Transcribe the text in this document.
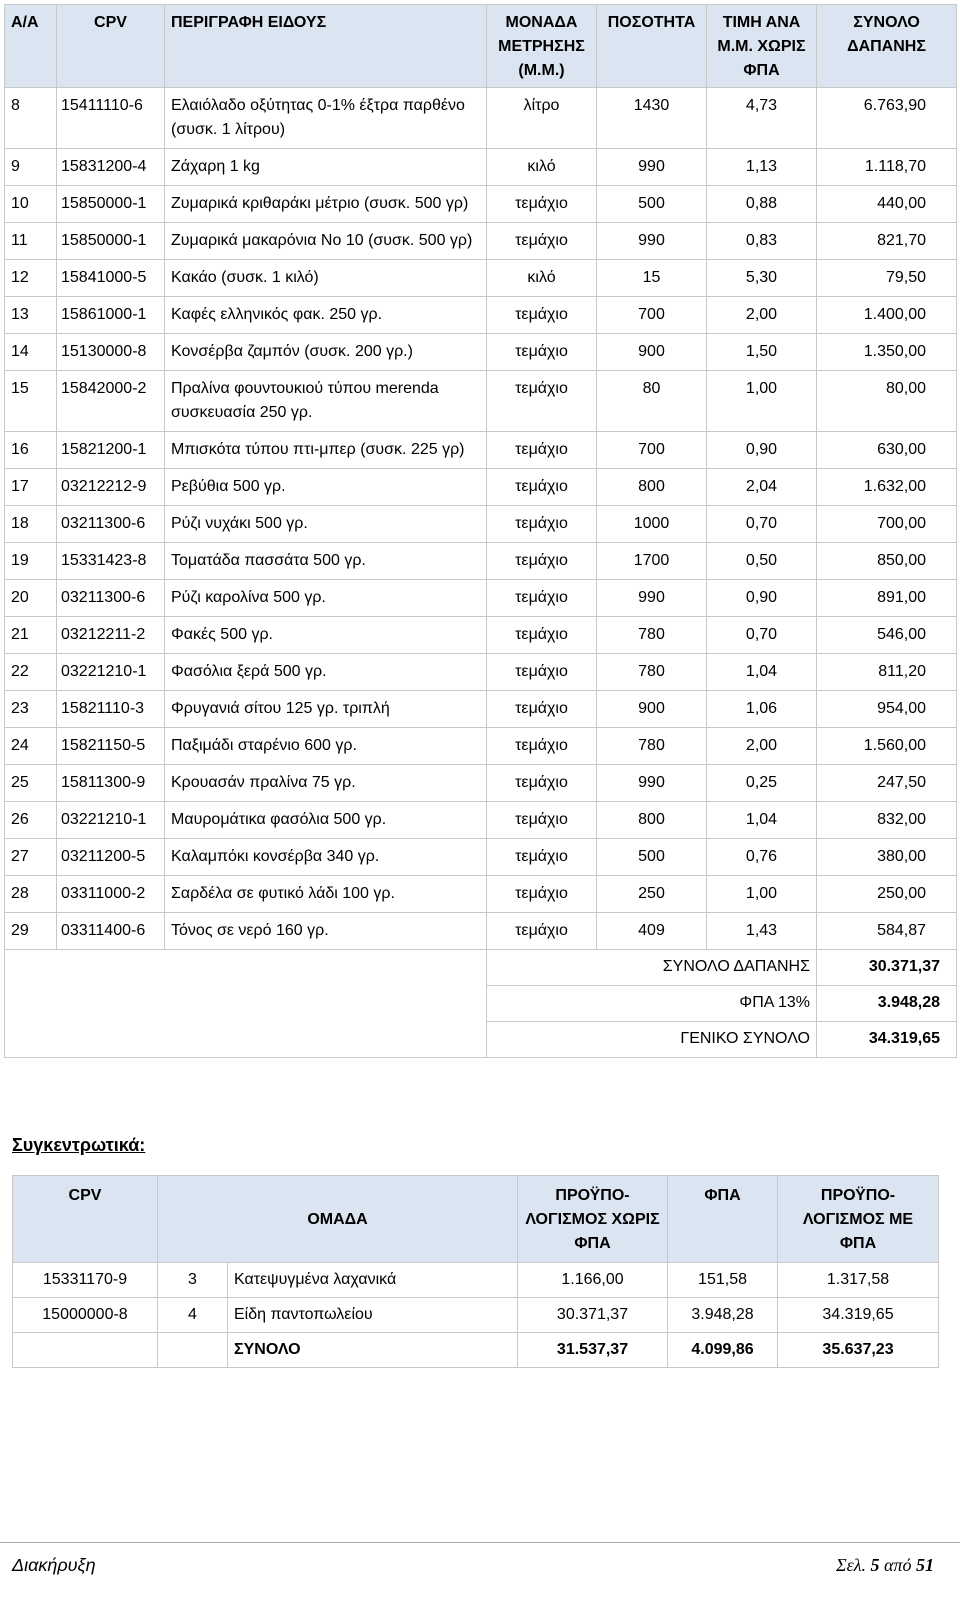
Α/Α	CPV	ΠΕΡΙΓΡΑΦΗ ΕΙΔΟΥΣ	ΜΟΝΑΔΑ ΜΕΤΡΗΣΗΣ (Μ.Μ.)	ΠΟΣΟΤΗΤΑ	ΤΙΜΗ ΑΝΑ Μ.Μ. ΧΩΡΙΣ ΦΠΑ	ΣΥΝΟΛΟ ΔΑΠΑΝΗΣ
8	15411110-6	Ελαιόλαδο οξύτητας 0-1% έξτρα παρθένο (συσκ. 1 λίτρου)	λίτρο	1430	4,73	6.763,90
9	15831200-4	Ζάχαρη 1 kg	κιλό	990	1,13	1.118,70
10	15850000-1	Ζυμαρικά κριθαράκι μέτριο (συσκ. 500 γρ)	τεμάχιο	500	0,88	440,00
11	15850000-1	Ζυμαρικά μακαρόνια Νο 10 (συσκ. 500 γρ)	τεμάχιο	990	0,83	821,70
12	15841000-5	Κακάο (συσκ. 1 κιλό)	κιλό	15	5,30	79,50
13	15861000-1	Καφές ελληνικός φακ. 250 γρ.	τεμάχιο	700	2,00	1.400,00
14	15130000-8	Κονσέρβα ζαμπόν (συσκ. 200 γρ.)	τεμάχιο	900	1,50	1.350,00
15	15842000-2	Πραλίνα φουντουκιού τύπου merenda συσκευασία 250 γρ.	τεμάχιο	80	1,00	80,00
16	15821200-1	Μπισκότα τύπου πτι-μπερ (συσκ. 225 γρ)	τεμάχιο	700	0,90	630,00
17	03212212-9	Ρεβύθια 500 γρ.	τεμάχιο	800	2,04	1.632,00
18	03211300-6	Ρύζι νυχάκι 500 γρ.	τεμάχιο	1000	0,70	700,00
19	15331423-8	Τοματάδα πασσάτα 500 γρ.	τεμάχιο	1700	0,50	850,00
20	03211300-6	Ρύζι καρολίνα 500 γρ.	τεμάχιο	990	0,90	891,00
21	03212211-2	Φακές 500 γρ.	τεμάχιο	780	0,70	546,00
22	03221210-1	Φασόλια ξερά 500 γρ.	τεμάχιο	780	1,04	811,20
23	15821110-3	Φρυγανιά σίτου 125 γρ. τριπλή	τεμάχιο	900	1,06	954,00
24	15821150-5	Παξιμάδι σταρένιο 600 γρ.	τεμάχιο	780	2,00	1.560,00
25	15811300-9	Κρουασάν πραλίνα 75 γρ.	τεμάχιο	990	0,25	247,50
26	03221210-1	Μαυρομάτικα φασόλια 500 γρ.	τεμάχιο	800	1,04	832,00
27	03211200-5	Καλαμπόκι κονσέρβα 340 γρ.	τεμάχιο	500	0,76	380,00
28	03311000-2	Σαρδέλα σε φυτικό λάδι 100 γρ.	τεμάχιο	250	1,00	250,00
29	03311400-6	Τόνος σε νερό 160 γρ.	τεμάχιο	409	1,43	584,87
			ΣΥΝΟΛΟ ΔΑΠΑΝΗΣ			30.371,37
			ΦΠΑ 13%			3.948,28
			ΓΕΝΙΚΟ ΣΥΝΟΛΟ			34.319,65
Συγκεντρωτικά:
CPV	ΟΜΑΔΑ		ΠΡΟΫΠΟ-ΛΟΓΙΣΜΟΣ ΧΩΡΙΣ ΦΠΑ	ΦΠΑ	ΠΡΟΫΠΟ-ΛΟΓΙΣΜΟΣ ΜΕ ΦΠΑ
15331170-9	3	Κατεψυγμένα λαχανικά	1.166,00	151,58	1.317,58
15000000-8	4	Είδη παντοπωλείου	30.371,37	3.948,28	34.319,65
		ΣΥΝΟΛΟ	31.537,37	4.099,86	35.637,23
Διακήρυξη	Σελ. 5 από 51
